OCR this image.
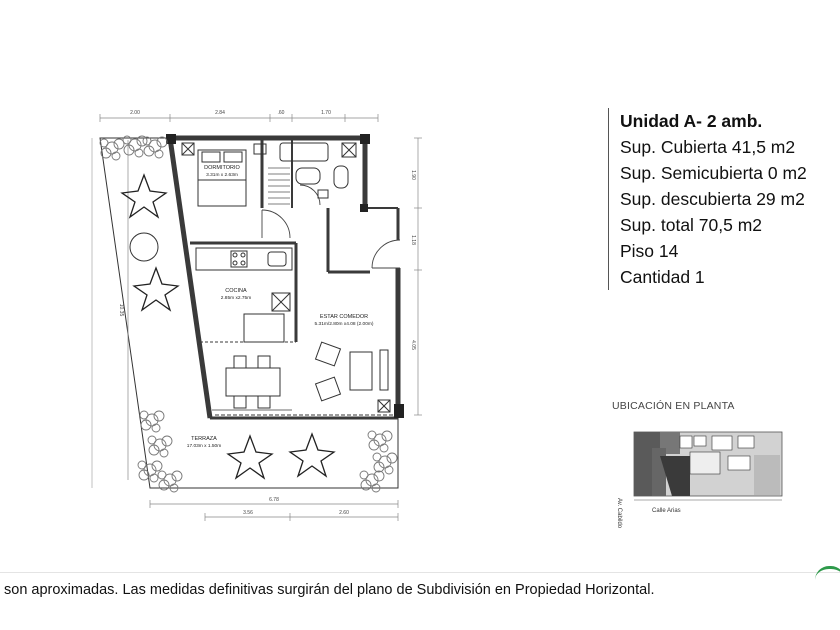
DORMITORIO
3.31m x 2.63m
COCINA
2.85m x2.75m
ESTAR COMEDOR
5.31m/2.80m x4.08 (2.00m)
TERRAZA
17.03m x 1.50m
2.00	2.84	.60	1.70
1.90
1.18
4.05
10.35
6.78
3.56	2.60	Av. Cabildo	Calle Arias
Unidad A- 2 amb.
Sup. Cubierta 41,5 m2
Sup. Semicubierta 0 m2
Sup. descubierta 29 m2
Sup. total 70,5 m2
Piso 14
Cantidad 1
UBICACIÓN EN PLANTA
son aproximadas. Las medidas definitivas surgirán del plano de Subdivisión en Propiedad Horizontal.
